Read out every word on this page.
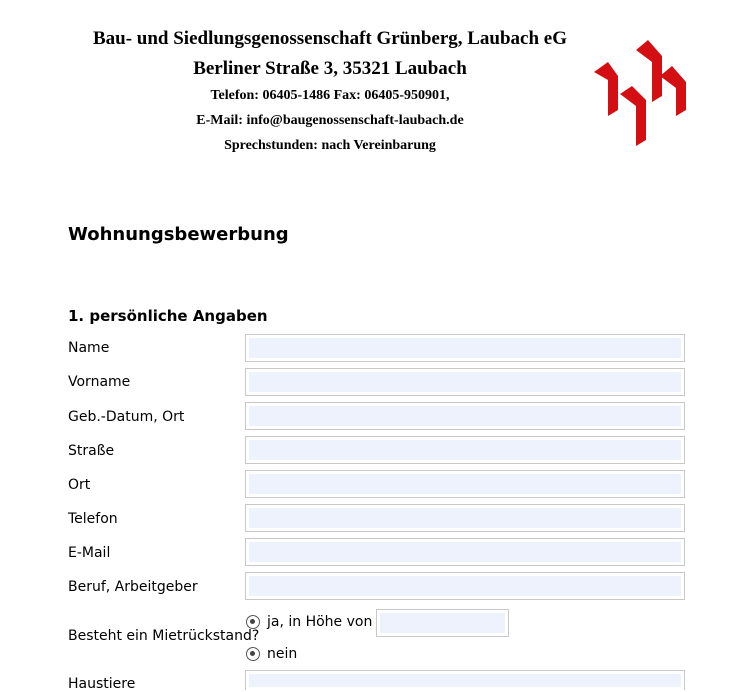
Bau- und Siedlungsgenossenschaft Grünberg, Laubach eG
Berliner Straße 3, 35321 Laubach
Telefon: 06405-1486 Fax: 06405-950901,
E-Mail: info@baugenossenschaft-laubach.de
Sprechstunden: nach Vereinbarung
Wohnungsbewerbung
1. persönliche Angaben
Name
Vorname
Geb.-Datum, Ort
Straße
Ort
Telefon
E-Mail
Beruf, Arbeitgeber
Besteht ein Mietrückstand?
ja, in Höhe von
nein
Haustiere
